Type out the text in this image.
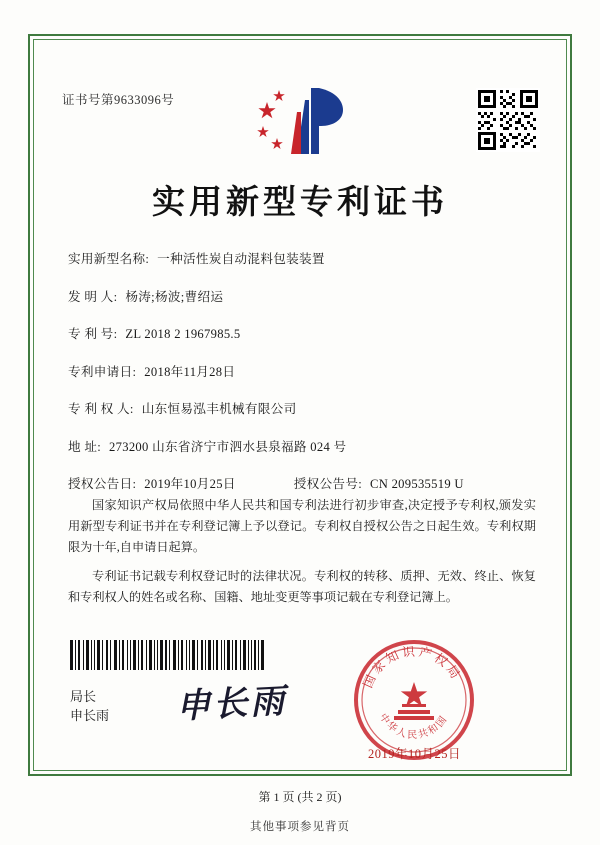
证书号第9633096号
实用新型专利证书
实用新型名称: 一种活性炭自动混料包装装置
发 明 人: 杨涛;杨波;曹绍运
专 利 号: ZL 2018 2 1967985.5
专利申请日: 2018年11月28日
专 利 权 人: 山东恒易泓丰机械有限公司
地 址: 273200 山东省济宁市泗水县泉福路 024 号
授权公告日: 2019年10月25日	授权公告号: CN 209535519 U

国家知识产权局依照中华人民共和国专利法进行初步审查,决定授予专利权,颁发实用新型专利证书并在专利登记簿上予以登记。专利权自授权公告之日起生效。专利权期限为十年,自申请日起算。

专利证书记载专利权登记时的法律状况。专利权的转移、质押、无效、终止、恢复和专利权人的姓名或名称、国籍、地址变更等事项记载在专利登记簿上。

局长
申长雨 申长雨
国家知识产权局
中华人民共和国
2019年10月25日
第 1 页 (共 2 页)
其他事项参见背页
